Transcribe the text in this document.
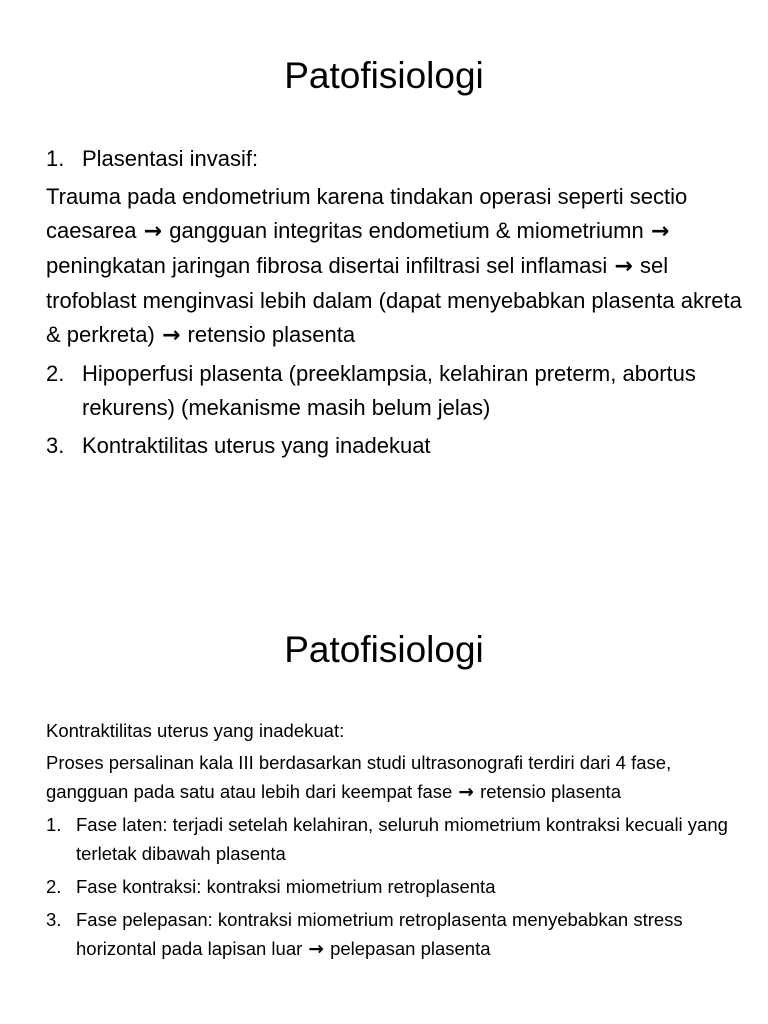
Patofisiologi
1. Plasentasi invasif:

Trauma pada endometrium karena tindakan operasi seperti sectio caesarea → gangguan integritas endometium & miometriumn → peningkatan jaringan fibrosa disertai infiltrasi sel inflamasi → sel trofoblast menginvasi lebih dalam (dapat menyebabkan plasenta akreta & perkreta) → retensio plasenta

2. Hipoperfusi plasenta (preeklampsia, kelahiran preterm, abortus rekurens) (mekanisme masih belum jelas)
3. Kontraktilitas uterus yang inadekuat
Patofisiologi

Kontraktilitas uterus yang inadekuat:

Proses persalinan kala III berdasarkan studi ultrasonografi terdiri dari 4 fase, gangguan pada satu atau lebih dari keempat fase → retensio plasenta

1. Fase laten: terjadi setelah kelahiran, seluruh miometrium kontraksi kecuali yang terletak dibawah plasenta
2. Fase kontraksi: kontraksi miometrium retroplasenta
3. Fase pelepasan: kontraksi miometrium retroplasenta menyebabkan stress horizontal pada lapisan luar → pelepasan plasenta
